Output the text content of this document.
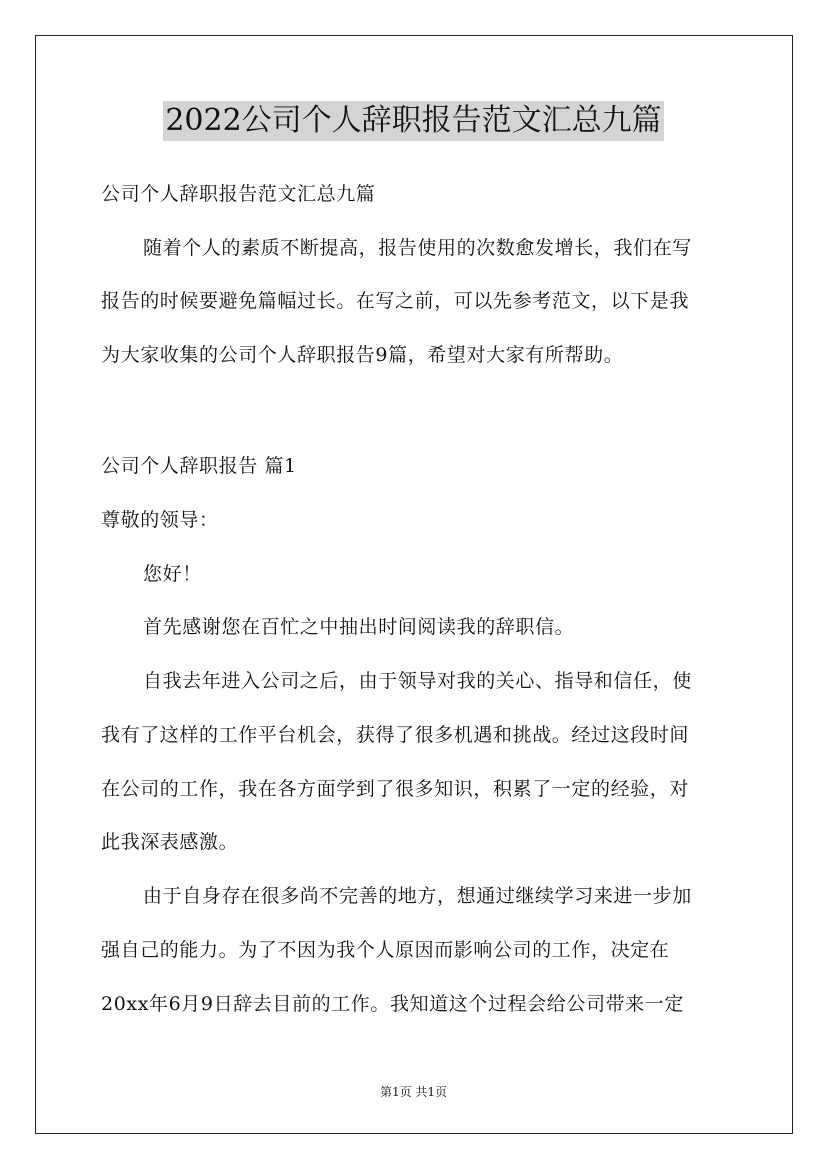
2022公司个人辞职报告范文汇总九篇

公司个人辞职报告范文汇总九篇

随着个人的素质不断提高，报告使用的次数愈发增长，我们在写

报告的时候要避免篇幅过长。在写之前，可以先参考范文，以下是我

为大家收集的公司个人辞职报告9篇，希望对大家有所帮助。

公司个人辞职报告 篇1

尊敬的领导：

您好！

首先感谢您在百忙之中抽出时间阅读我的辞职信。

自我去年进入公司之后，由于领导对我的关心、指导和信任，使

我有了这样的工作平台机会，获得了很多机遇和挑战。经过这段时间

在公司的工作，我在各方面学到了很多知识，积累了一定的经验，对

此我深表感激。

由于自身存在很多尚不完善的地方，想通过继续学习来进一步加

强自己的能力。为了不因为我个人原因而影响公司的工作，决定在

20xx年6月9日辞去目前的工作。我知道这个过程会给公司带来一定

第1页 共1页
